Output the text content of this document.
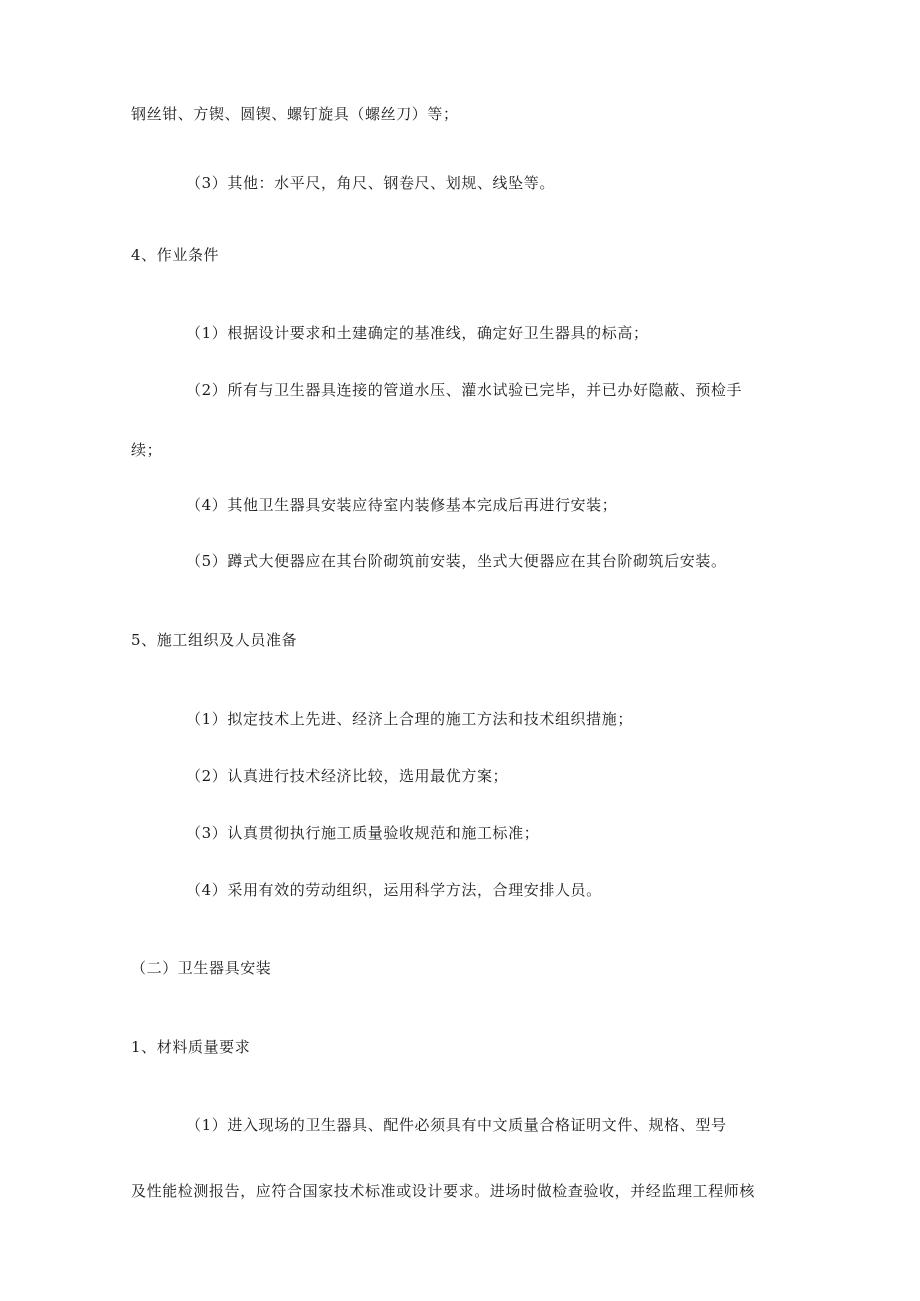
钢丝钳、方锲、圆锲、螺钉旋具（螺丝刀）等；
（3）其他：水平尺，角尺、钢卷尺、划规、线坠等。
4、作业条件
（1）根据设计要求和土建确定的基准线，确定好卫生器具的标高；
（2）所有与卫生器具连接的管道水压、灌水试验已完毕，并已办好隐蔽、预检手
续；
（4）其他卫生器具安装应待室内装修基本完成后再进行安装；
（5）蹲式大便器应在其台阶砌筑前安装，坐式大便器应在其台阶砌筑后安装。
5、施工组织及人员准备
（1）拟定技术上先进、经济上合理的施工方法和技术组织措施；
（2）认真进行技术经济比较，选用最优方案；
（3）认真贯彻执行施工质量验收规范和施工标准；
（4）采用有效的劳动组织，运用科学方法，合理安排人员。
（二）卫生器具安装
1、材料质量要求
（1）进入现场的卫生器具、配件必须具有中文质量合格证明文件、规格、型号
及性能检测报告，应符合国家技术标准或设计要求。进场时做检查验收，并经监理工程师核
